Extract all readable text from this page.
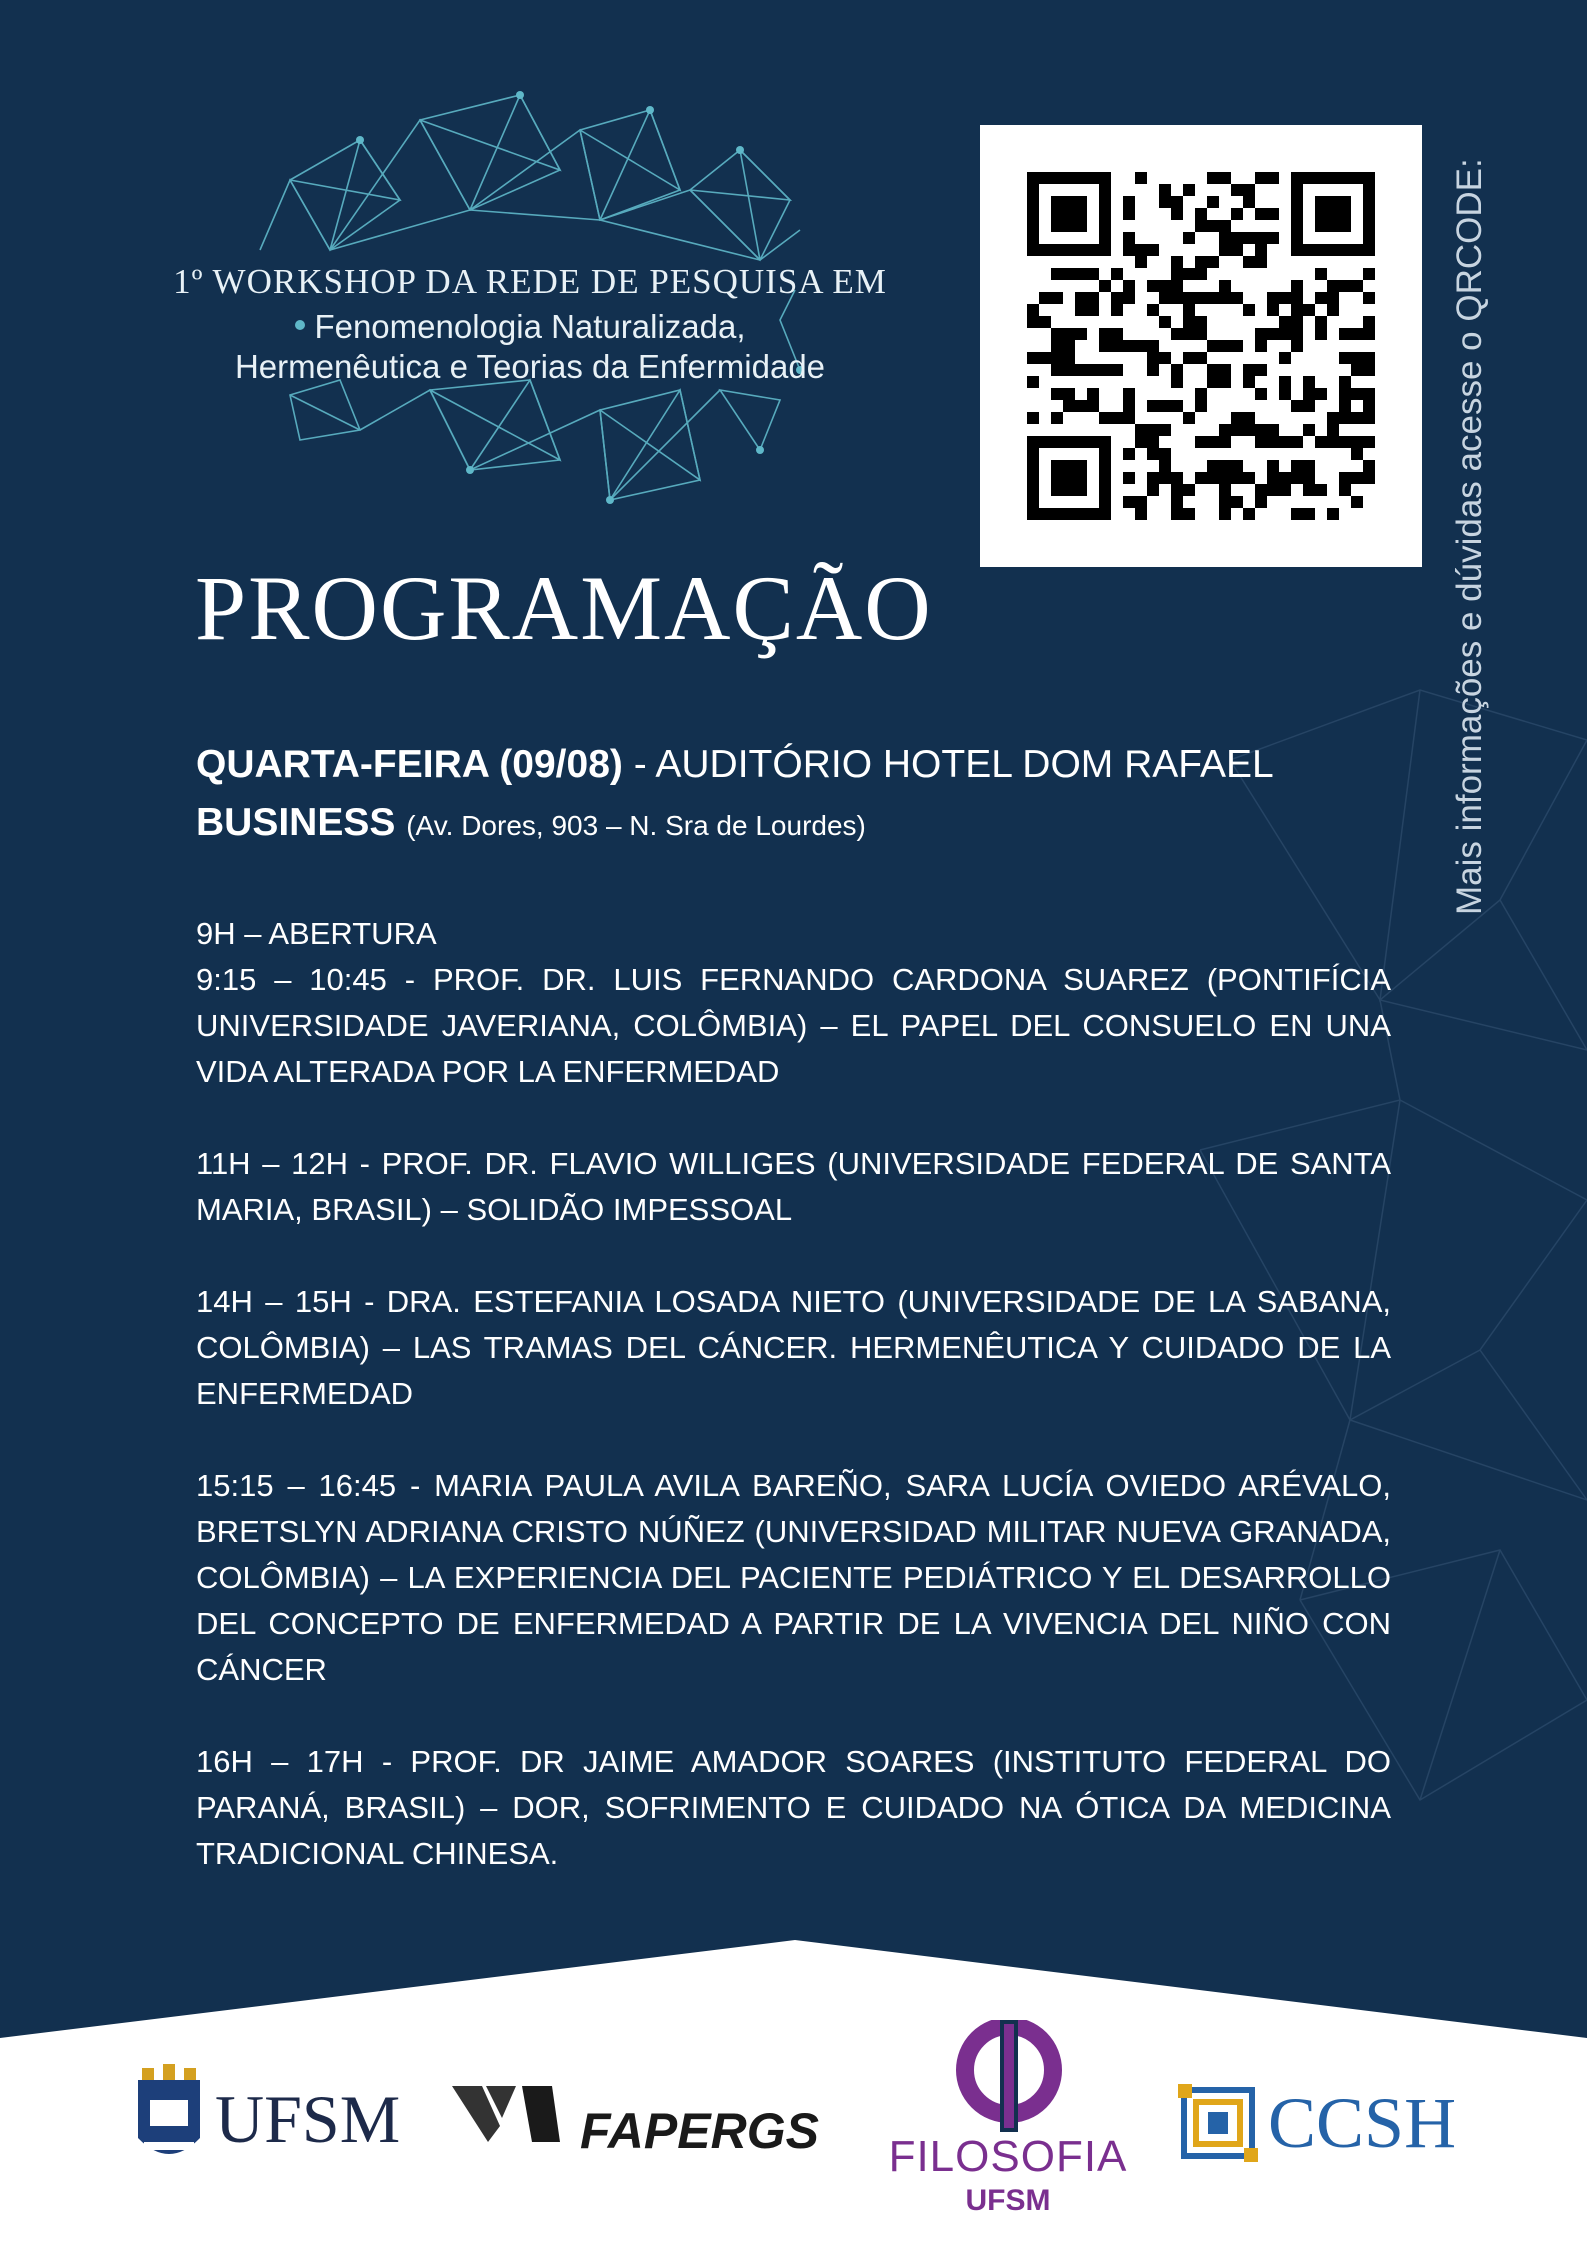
1º WORKSHOP DA REDE DE PESQUISA EM
Fenomenologia Naturalizada,
Hermenêutica e Teorias da Enfermidade	Mais informações e dúvidas acesse o QRCODE:
PROGRAMAÇÃO

QUARTA-FEIRA (09/08) - AUDITÓRIO HOTEL DOM RAFAEL BUSINESS (Av. Dores, 903 – N. Sra de Lourdes)

9H – ABERTURA

9:15 – 10:45 - PROF. DR. LUIS FERNANDO CARDONA SUAREZ (PONTIFÍCIA UNIVERSIDADE JAVERIANA, COLÔMBIA) – EL PAPEL DEL CONSUELO EN UNA VIDA ALTERADA POR LA ENFERMEDAD

11H – 12H - PROF. DR. FLAVIO WILLIGES (UNIVERSIDADE FEDERAL DE SANTA MARIA, BRASIL) – SOLIDÃO IMPESSOAL

14H – 15H - DRA. ESTEFANIA LOSADA NIETO (UNIVERSIDADE DE LA SABANA, COLÔMBIA) – LAS TRAMAS DEL CÁNCER. HERMENÊUTICA Y CUIDADO DE LA ENFERMEDAD

15:15 – 16:45 - MARIA PAULA AVILA BAREÑO, SARA LUCÍA OVIEDO ARÉVALO, BRETSLYN ADRIANA CRISTO NÚÑEZ (UNIVERSIDAD MILITAR NUEVA GRANADA, COLÔMBIA) – LA EXPERIENCIA DEL PACIENTE PEDIÁTRICO Y EL DESARROLLO DEL CONCEPTO DE ENFERMEDAD A PARTIR DE LA VIVENCIA DEL NIÑO CON CÁNCER

16H – 17H - PROF. DR JAIME AMADOR SOARES (INSTITUTO FEDERAL DO PARANÁ, BRASIL) – DOR, SOFRIMENTO E CUIDADO NA ÓTICA DA MEDICINA TRADICIONAL CHINESA.

UFSM	FAPERGS FILOSOFIA
UFSM
CCSH
